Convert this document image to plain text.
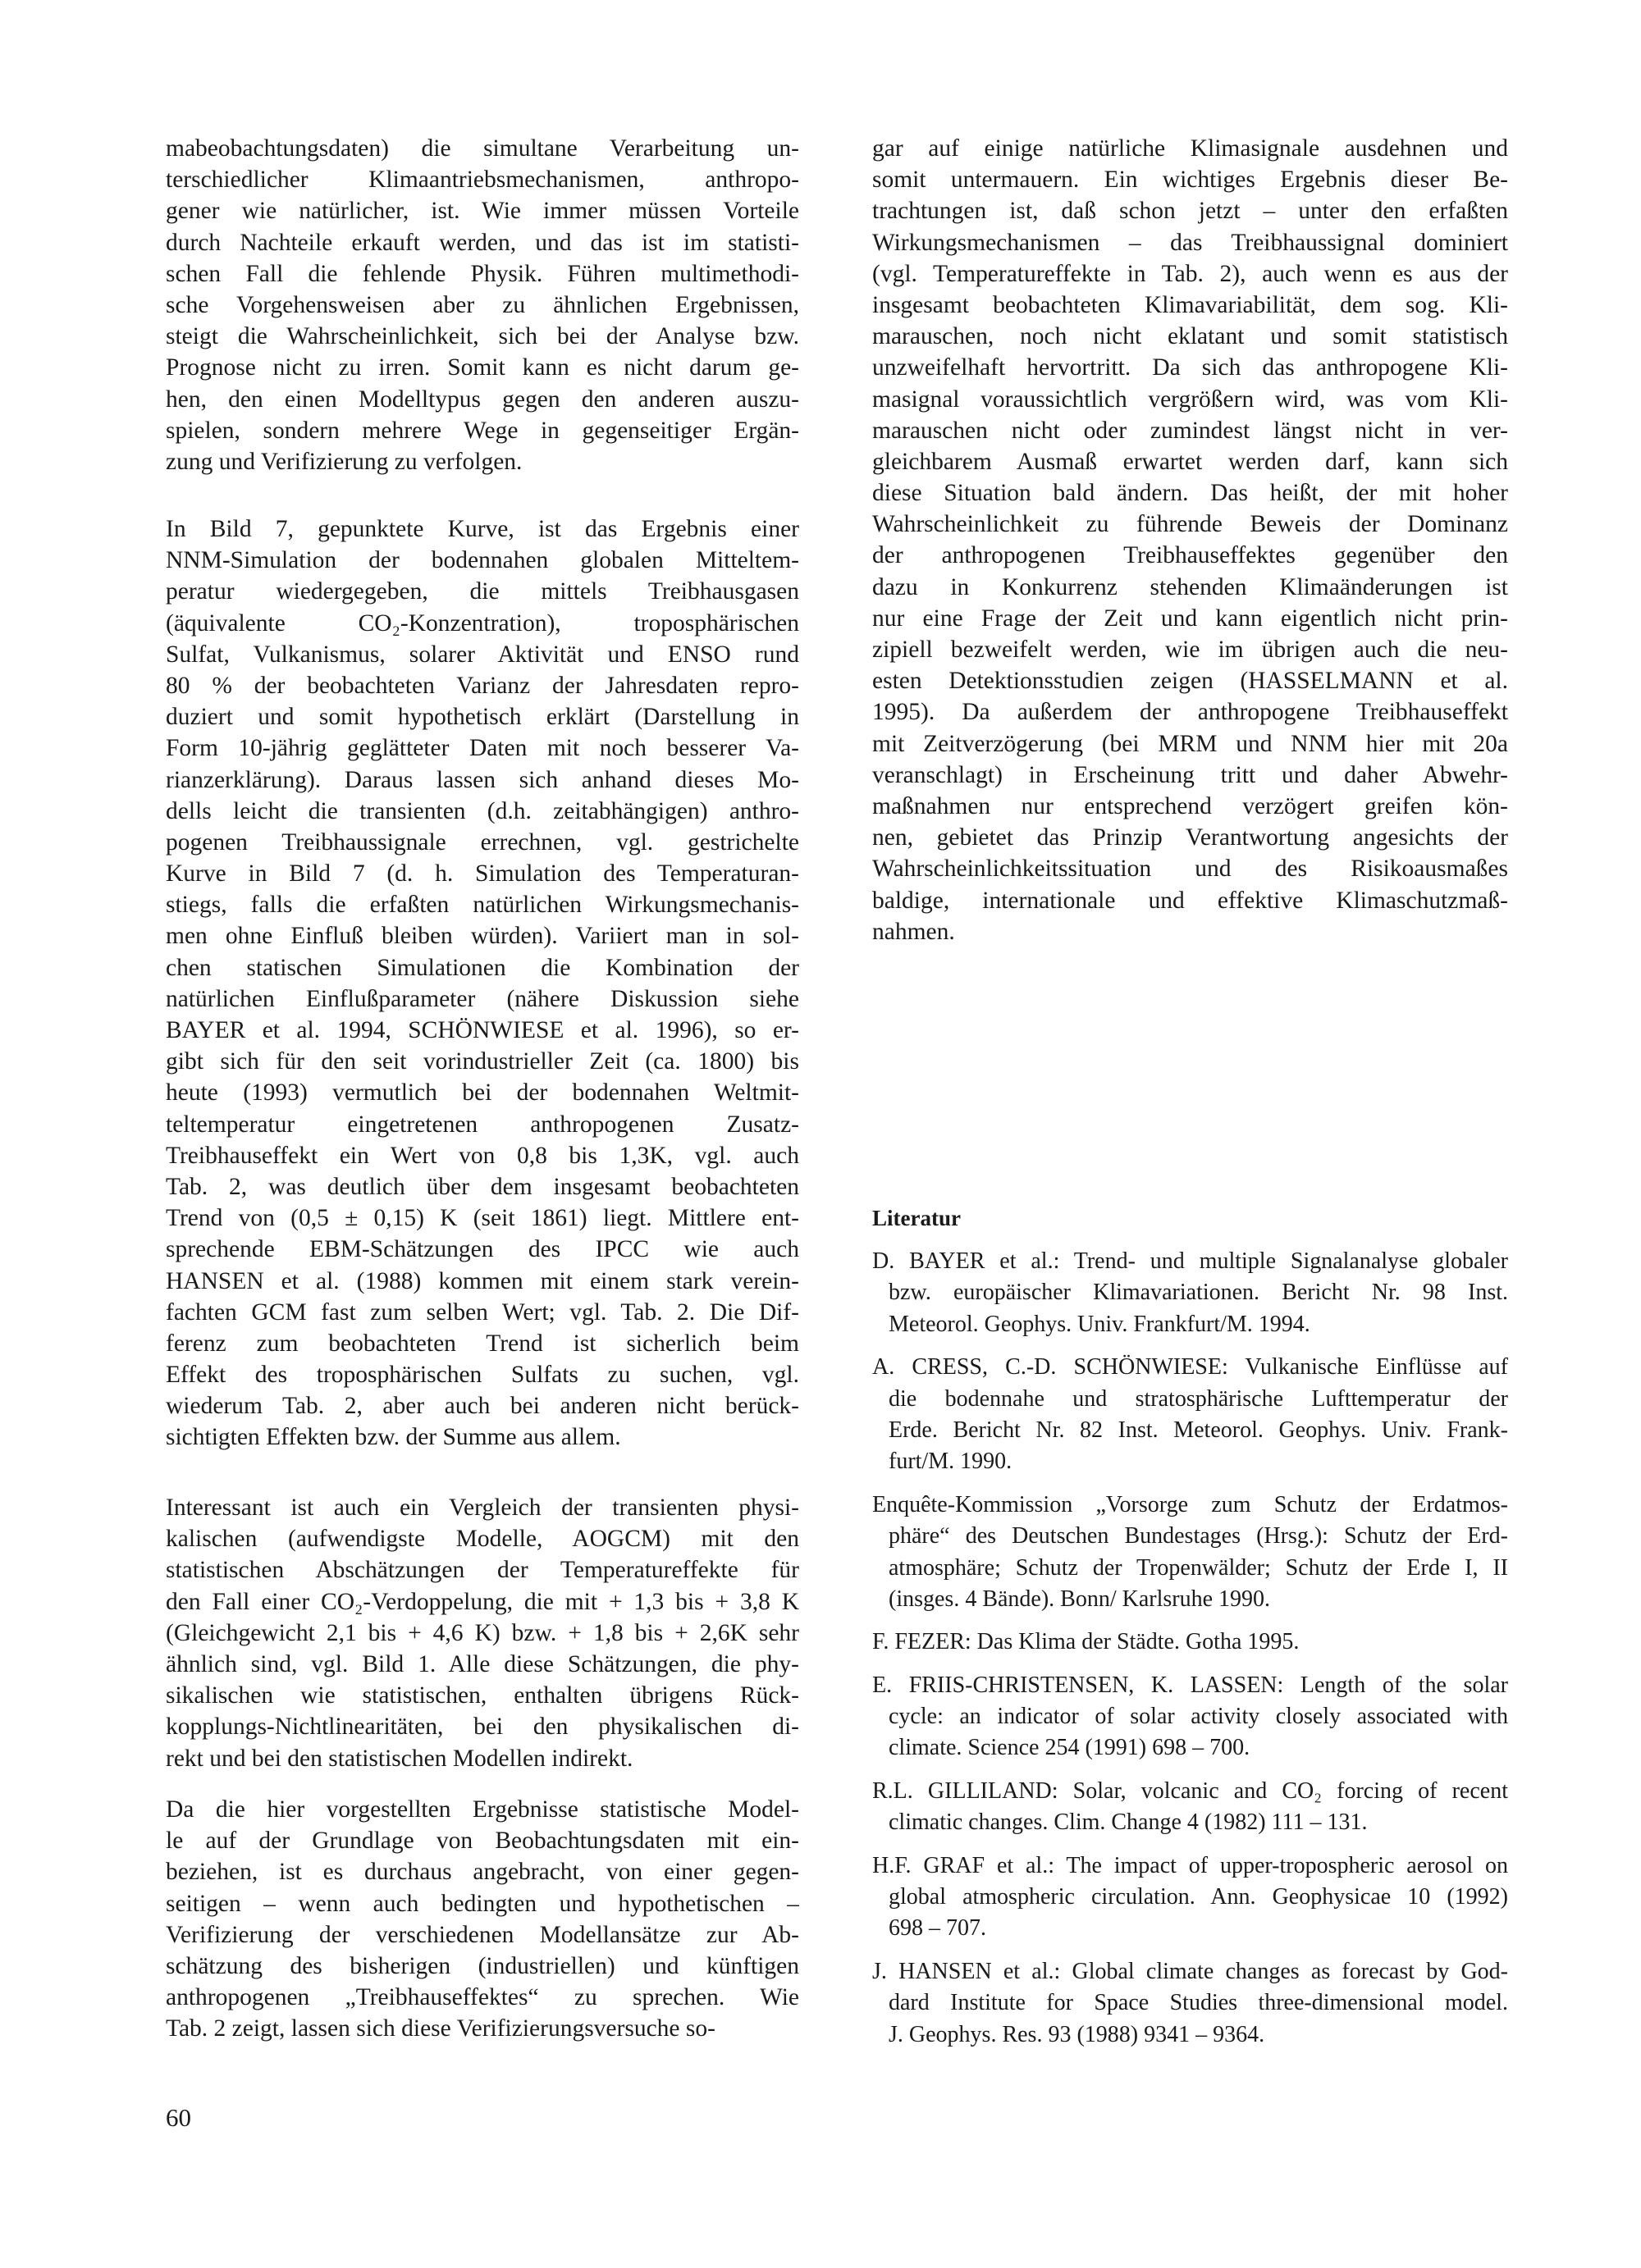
mabeobachtungsdaten) die simultane Verarbeitung un-
terschiedlicher Klimaantriebsmechanismen, anthropo-
gener wie natürlicher, ist. Wie immer müssen Vorteile
durch Nachteile erkauft werden, und das ist im statisti-
schen Fall die fehlende Physik. Führen multimethodi-
sche Vorgehensweisen aber zu ähnlichen Ergebnissen,
steigt die Wahrscheinlichkeit, sich bei der Analyse bzw.
Prognose nicht zu irren. Somit kann es nicht darum ge-
hen, den einen Modelltypus gegen den anderen auszu-
spielen, sondern mehrere Wege in gegenseitiger Ergän-
zung und Verifizierung zu verfolgen.
In Bild 7, gepunktete Kurve, ist das Ergebnis einer
NNM-Simulation der bodennahen globalen Mitteltem-
peratur wiedergegeben, die mittels Treibhausgasen
(äquivalente CO₂-Konzentration), troposphärischen
Sulfat, Vulkanismus, solarer Aktivität und ENSO rund
80 % der beobachteten Varianz der Jahresdaten repro-
duziert und somit hypothetisch erklärt (Darstellung in
Form 10-jährig geglätteter Daten mit noch besserer Va-
rianzerklärung). Daraus lassen sich anhand dieses Mo-
dells leicht die transienten (d.h. zeitabhängigen) anthro-
pogenen Treibhaussignale errechnen, vgl. gestrichelte
Kurve in Bild 7 (d. h. Simulation des Temperaturan-
stiegs, falls die erfaßten natürlichen Wirkungsmechanis-
men ohne Einfluß bleiben würden). Variiert man in sol-
chen statischen Simulationen die Kombination der
natürlichen Einflußparameter (nähere Diskussion siehe
BAYER et al. 1994, SCHÖNWIESE et al. 1996), so er-
gibt sich für den seit vorindustrieller Zeit (ca. 1800) bis
heute (1993) vermutlich bei der bodennahen Weltmit-
teltemperatur eingetretenen anthropogenen Zusatz-
Treibhauseffekt ein Wert von 0,8 bis 1,3K, vgl. auch
Tab. 2, was deutlich über dem insgesamt beobachteten
Trend von (0,5 ± 0,15) K (seit 1861) liegt. Mittlere ent-
sprechende EBM-Schätzungen des IPCC wie auch
HANSEN et al. (1988) kommen mit einem stark verein-
fachten GCM fast zum selben Wert; vgl. Tab. 2. Die Dif-
ferenz zum beobachteten Trend ist sicherlich beim
Effekt des troposphärischen Sulfats zu suchen, vgl.
wiederum Tab. 2, aber auch bei anderen nicht berück-
sichtigten Effekten bzw. der Summe aus allem.
Interessant ist auch ein Vergleich der transienten physi-
kalischen (aufwendigste Modelle, AOGCM) mit den
statistischen Abschätzungen der Temperatureffekte für
den Fall einer CO₂-Verdoppelung, die mit + 1,3 bis + 3,8 K
(Gleichgewicht 2,1 bis + 4,6 K) bzw. + 1,8 bis + 2,6K sehr
ähnlich sind, vgl. Bild 1. Alle diese Schätzungen, die phy-
sikalischen wie statistischen, enthalten übrigens Rück-
kopplungs-Nichtlinearitäten, bei den physikalischen di-
rekt und bei den statistischen Modellen indirekt.
Da die hier vorgestellten Ergebnisse statistische Model-
le auf der Grundlage von Beobachtungsdaten mit ein-
beziehen, ist es durchaus angebracht, von einer gegen-
seitigen – wenn auch bedingten und hypothetischen –
Verifizierung der verschiedenen Modellansätze zur Ab-
schätzung des bisherigen (industriellen) und künftigen
anthropogenen „Treibhauseffektes“ zu sprechen. Wie
Tab. 2 zeigt, lassen sich diese Verifizierungsversuche so-
gar auf einige natürliche Klimasignale ausdehnen und
somit untermauern. Ein wichtiges Ergebnis dieser Be-
trachtungen ist, daß schon jetzt – unter den erfaßten
Wirkungsmechanismen – das Treibhaussignal dominiert
(vgl. Temperatureffekte in Tab. 2), auch wenn es aus der
insgesamt beobachteten Klimavariabilität, dem sog. Kli-
marauschen, noch nicht eklatant und somit statistisch
unzweifelhaft hervortritt. Da sich das anthropogene Kli-
masignal voraussichtlich vergrößern wird, was vom Kli-
marauschen nicht oder zumindest längst nicht in ver-
gleichbarem Ausmaß erwartet werden darf, kann sich
diese Situation bald ändern. Das heißt, der mit hoher
Wahrscheinlichkeit zu führende Beweis der Dominanz
der anthropogenen Treibhauseffektes gegenüber den
dazu in Konkurrenz stehenden Klimaänderungen ist
nur eine Frage der Zeit und kann eigentlich nicht prin-
zipiell bezweifelt werden, wie im übrigen auch die neu-
esten Detektionsstudien zeigen (HASSELMANN et al.
1995). Da außerdem der anthropogene Treibhauseffekt
mit Zeitverzögerung (bei MRM und NNM hier mit 20a
veranschlagt) in Erscheinung tritt und daher Abwehr-
maßnahmen nur entsprechend verzögert greifen kön-
nen, gebietet das Prinzip Verantwortung angesichts der
Wahrscheinlichkeitssituation und des Risikoausmaßes
baldige, internationale und effektive Klimaschutzmaß-
nahmen.
Literatur
D. BAYER et al.: Trend- und multiple Signalanalyse globaler
bzw. europäischer Klimavariationen. Bericht Nr. 98 Inst.
Meteorol. Geophys. Univ. Frankfurt/M. 1994.
A. CRESS, C.-D. SCHÖNWIESE: Vulkanische Einflüsse auf
die bodennahe und stratosphärische Lufttemperatur der
Erde. Bericht Nr. 82 Inst. Meteorol. Geophys. Univ. Frank-
furt/M. 1990.
Enquête-Kommission „Vorsorge zum Schutz der Erdatmos-
phäre“ des Deutschen Bundestages (Hrsg.): Schutz der Erd-
atmosphäre; Schutz der Tropenwälder; Schutz der Erde I, II
(insges. 4 Bände). Bonn/ Karlsruhe 1990.
F. FEZER: Das Klima der Städte. Gotha 1995.
E. FRIIS-CHRISTENSEN, K. LASSEN: Length of the solar
cycle: an indicator of solar activity closely associated with
climate. Science 254 (1991) 698 – 700.
R.L. GILLILAND: Solar, volcanic and CO₂ forcing of recent
climatic changes. Clim. Change 4 (1982) 111 – 131.
H.F. GRAF et al.: The impact of upper-tropospheric aerosol on
global atmospheric circulation. Ann. Geophysicae 10 (1992)
698 – 707.
J. HANSEN et al.: Global climate changes as forecast by God-
dard Institute for Space Studies three-dimensional model.
J. Geophys. Res. 93 (1988) 9341 – 9364.
60
